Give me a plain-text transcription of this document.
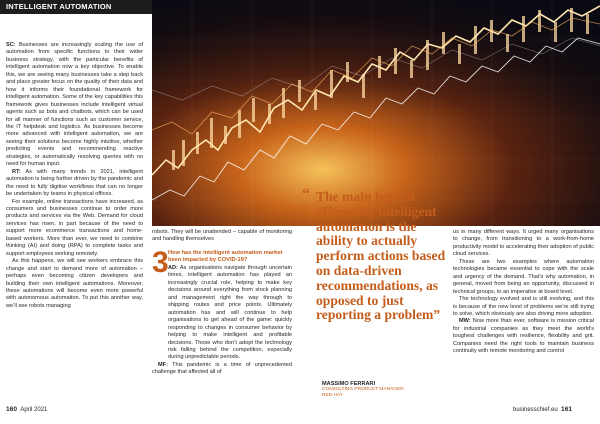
INTELLIGENT AUTOMATION

SC: Businesses are increasingly scaling the use of automation from specific functions to their wider business strategy, with the particular benefits of intelligent automation now a key objective. To enable this, we are seeing many businesses take a step back and place greater focus on the quality of their data and how it informs their foundational framework for intelligent automation. Some of the key capabilities this framework gives businesses include intelligent virtual agents such as bots and chatbots, which can be used for all manner of functions such as customer service, the IT helpdesk and logistics. As businesses become more advanced with intelligent automation, we are seeing their solutions become highly intuitive, whether predicting events and recommending reactive strategies, or automatically resolving queries with no need for human input.

RT: As with many trends in 2021, intelligent automation is being further driven by the pandemic and the need to fully digitise workflows that can no longer be undertaken by teams in physical offices.

For example, online transactions have increased, as consumers and businesses continue to order more products and services via the Web. Demand for cloud services has risen, in part because of the need to support more ecommerce transactions and home-based workers. More than ever, we need to combine thinking (AI) and doing (RPA) to complete tasks and support employees working remotely.

As this happens, we will see workers embrace this change and start to demand more of automation – perhaps even becoming citizen developers and building their own intelligent automations. Moreover, these automations will become even more powerful with autonomous automation. To put this another way, we’ll see robots managing

robots. They will be unattended – capable of monitoring and handling themselves

3 How has the intelligent automation market been impacted by COVID-19?

AD: As organisations navigate through uncertain times, intelligent automation has played an increasingly crucial role, helping to make key decisions around everything from stock planning and management right the way through to shipping routes and price points. Ultimately automation has and will continue to help organisations to get ahead of the game: quickly responding to changes in consumer behavior by helping to make intelligent and profitable decisions. Those who don’t adopt the technology risk falling behind the competition, especially during unpredictable periods.

MF: This pandemic is a time of unprecedented challenge that affected all of

“ The main benefit offered by intelligent automation is the ability to actually perform actions based on data-driven recommendations, as opposed to just reporting a problem”
MASSIMO FERRARI
CONSULTING PRODUCT MANAGER,
RED HAT

us in many different ways. It urged many organisations to change, from transitioning to a work-from-home productivity model to accelerating their adoption of public cloud services.

These are two examples where automation technologies became essential to cope with the scale and urgency of the demand. That’s why automation, in general, moved from being an opportunity, discussed in technical groups, to an imperative at board level.

The technology evolved and is still evolving, and this is because of the new level of problems we’re still trying to solve, which obviously are also driving more adoption.

MW: Now more than ever, software is mission critical for industrial companies as they meet the world’s toughest challenges with resilience, flexibility and grit. Companies need the right tools to maintain business continuity with remote monitoring and control

160 April 2021	businesschief.eu 161
